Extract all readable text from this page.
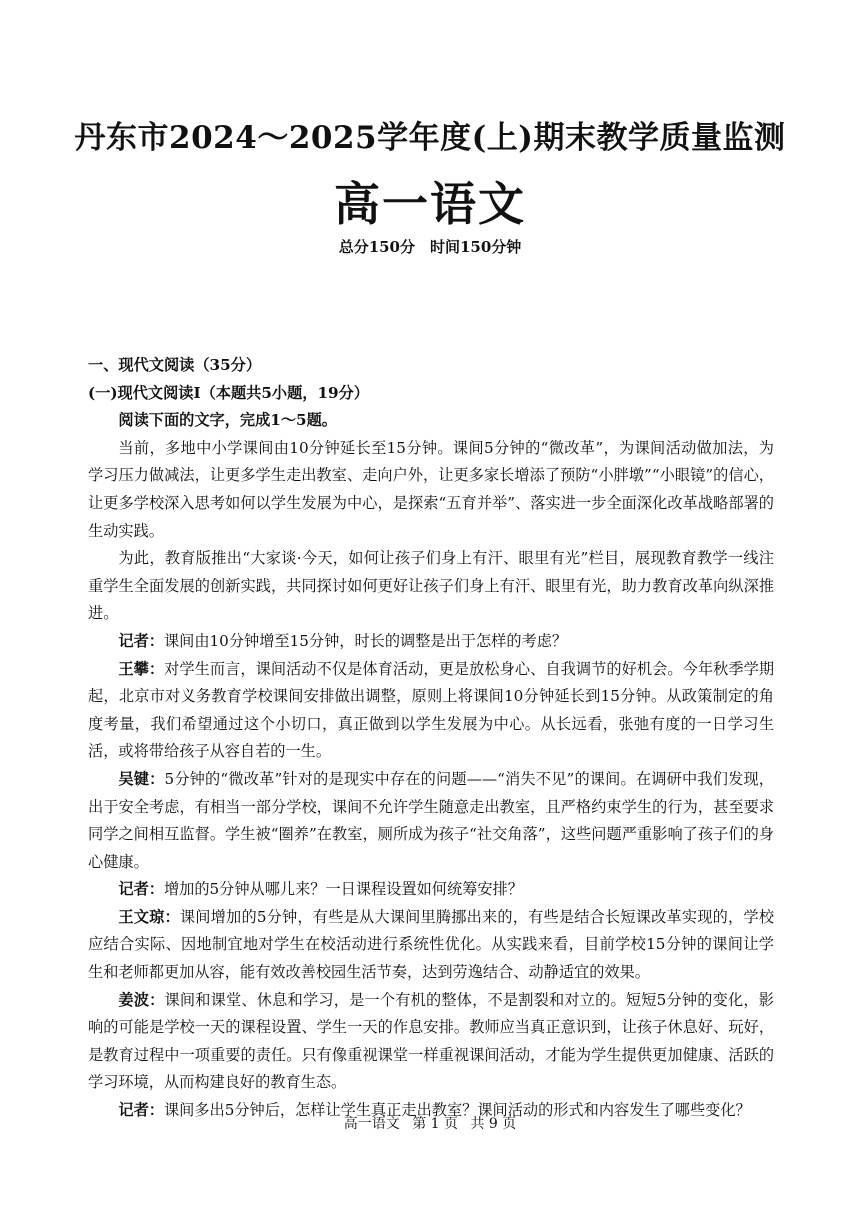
丹东市2024～2025学年度(上)期末教学质量监测
高一语文
总分150分　时间150分钟

一、现代文阅读（35分）

(一)现代文阅读Ⅰ（本题共5小题，19分）

阅读下面的文字，完成1～5题。

当前，多地中小学课间由10分钟延长至15分钟。课间5分钟的“微改革”，为课间活动做加法，为学习压力做减法，让更多学生走出教室、走向户外，让更多家长增添了预防“小胖墩”“小眼镜”的信心，让更多学校深入思考如何以学生发展为中心，是探索“五育并举”、落实进一步全面深化改革战略部署的生动实践。

为此，教育版推出“大家谈·今天，如何让孩子们身上有汗、眼里有光”栏目，展现教育教学一线注重学生全面发展的创新实践，共同探讨如何更好让孩子们身上有汗、眼里有光，助力教育改革向纵深推进。

记者：课间由10分钟增至15分钟，时长的调整是出于怎样的考虑？

王攀：对学生而言，课间活动不仅是体育活动，更是放松身心、自我调节的好机会。今年秋季学期起，北京市对义务教育学校课间安排做出调整，原则上将课间10分钟延长到15分钟。从政策制定的角度考量，我们希望通过这个小切口，真正做到以学生发展为中心。从长远看，张弛有度的一日学习生活，或将带给孩子从容自若的一生。

吴键：5分钟的“微改革”针对的是现实中存在的问题——“消失不见”的课间。在调研中我们发现，出于安全考虑，有相当一部分学校，课间不允许学生随意走出教室，且严格约束学生的行为，甚至要求同学之间相互监督。学生被“圈养”在教室，厕所成为孩子“社交角落”，这些问题严重影响了孩子们的身心健康。

记者：增加的5分钟从哪儿来？一日课程设置如何统筹安排？

王文琼：课间增加的5分钟，有些是从大课间里腾挪出来的，有些是结合长短课改革实现的，学校应结合实际、因地制宜地对学生在校活动进行系统性优化。从实践来看，目前学校15分钟的课间让学生和老师都更加从容，能有效改善校园生活节奏，达到劳逸结合、动静适宜的效果。

姜波：课间和课堂、休息和学习，是一个有机的整体，不是割裂和对立的。短短5分钟的变化，影响的可能是学校一天的课程设置、学生一天的作息安排。教师应当真正意识到，让孩子休息好、玩好，是教育过程中一项重要的责任。只有像重视课堂一样重视课间活动，才能为学生提供更加健康、活跃的学习环境，从而构建良好的教育生态。

记者：课间多出5分钟后，怎样让学生真正走出教室？课间活动的形式和内容发生了哪些变化？

高一语文 第 1 页 共 9 页
